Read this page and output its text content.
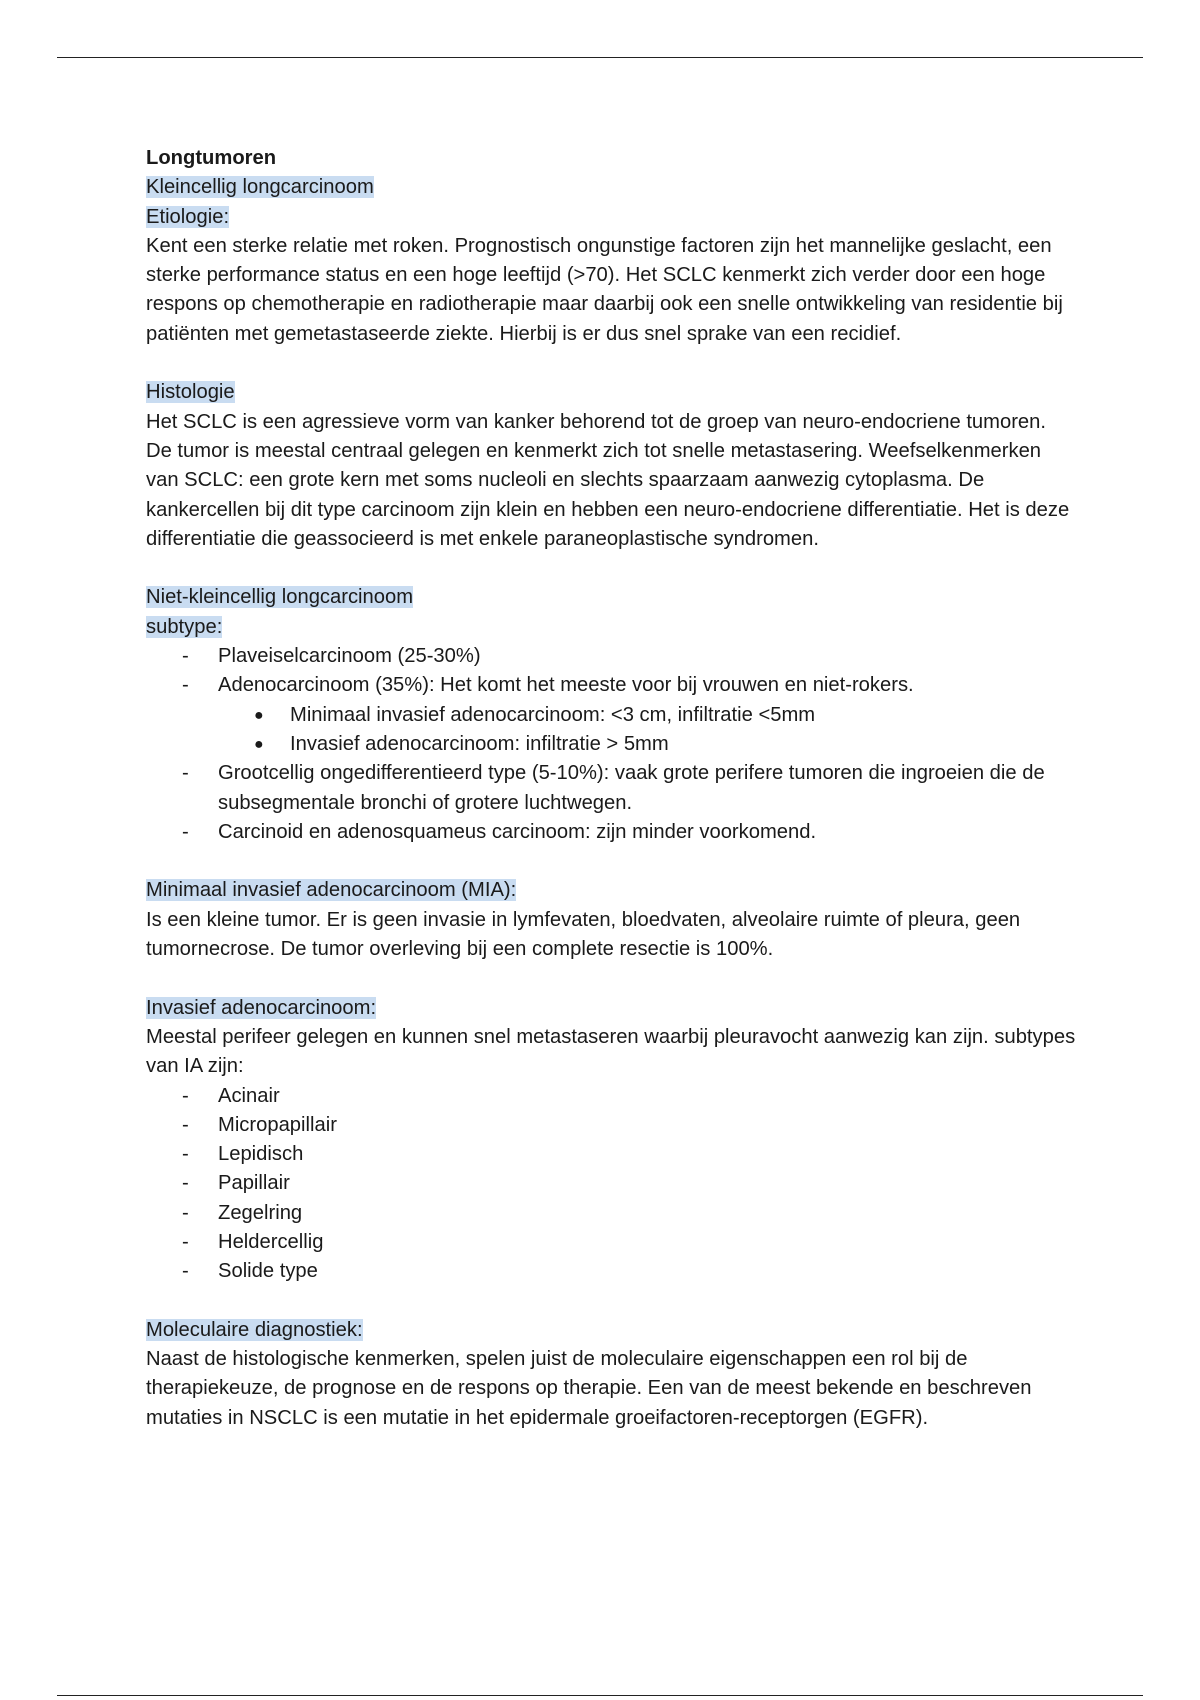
Longtumoren

Kleincellig longcarcinoom

Etiologie:

Kent een sterke relatie met roken. Prognostisch ongunstige factoren zijn het mannelijke geslacht, een sterke performance status en een hoge leeftijd (>70). Het SCLC kenmerkt zich verder door een hoge respons op chemotherapie en radiotherapie maar daarbij ook een snelle ontwikkeling van residentie bij patiënten met gemetastaseerde ziekte. Hierbij is er dus snel sprake van een recidief.

Histologie

Het SCLC is een agressieve vorm van kanker behorend tot de groep van neuro-endocriene tumoren. De tumor is meestal centraal gelegen en kenmerkt zich tot snelle metastasering. Weefselkenmerken van SCLC: een grote kern met soms nucleoli en slechts spaarzaam aanwezig cytoplasma. De kankercellen bij dit type carcinoom zijn klein en hebben een neuro-endocriene differentiatie. Het is deze differentiatie die geassocieerd is met enkele paraneoplastische syndromen.

Niet-kleincellig longcarcinoom

subtype:

- Plaveiselcarcinoom (25-30%)
- Adenocarcinoom (35%): Het komt het meeste voor bij vrouwen en niet-rokers.
● Minimaal invasief adenocarcinoom: <3 cm, infiltratie <5mm
● Invasief adenocarcinoom: infiltratie > 5mm
- Grootcellig ongedifferentieerd type (5-10%): vaak grote perifere tumoren die ingroeien die de subsegmentale bronchi of grotere luchtwegen.
- Carcinoid en adenosquameus carcinoom: zijn minder voorkomend.

Minimaal invasief adenocarcinoom (MIA):

Is een kleine tumor. Er is geen invasie in lymfevaten, bloedvaten, alveolaire ruimte of pleura, geen tumornecrose. De tumor overleving bij een complete resectie is 100%.

Invasief adenocarcinoom:

Meestal perifeer gelegen en kunnen snel metastaseren waarbij pleuravocht aanwezig kan zijn. subtypes van IA zijn:

- Acinair
- Micropapillair
- Lepidisch
- Papillair
- Zegelring
- Heldercellig
- Solide type

Moleculaire diagnostiek:

Naast de histologische kenmerken, spelen juist de moleculaire eigenschappen een rol bij de therapiekeuze, de prognose en de respons op therapie. Een van de meest bekende en beschreven mutaties in NSCLC is een mutatie in het epidermale groeifactoren-receptorgen (EGFR).
